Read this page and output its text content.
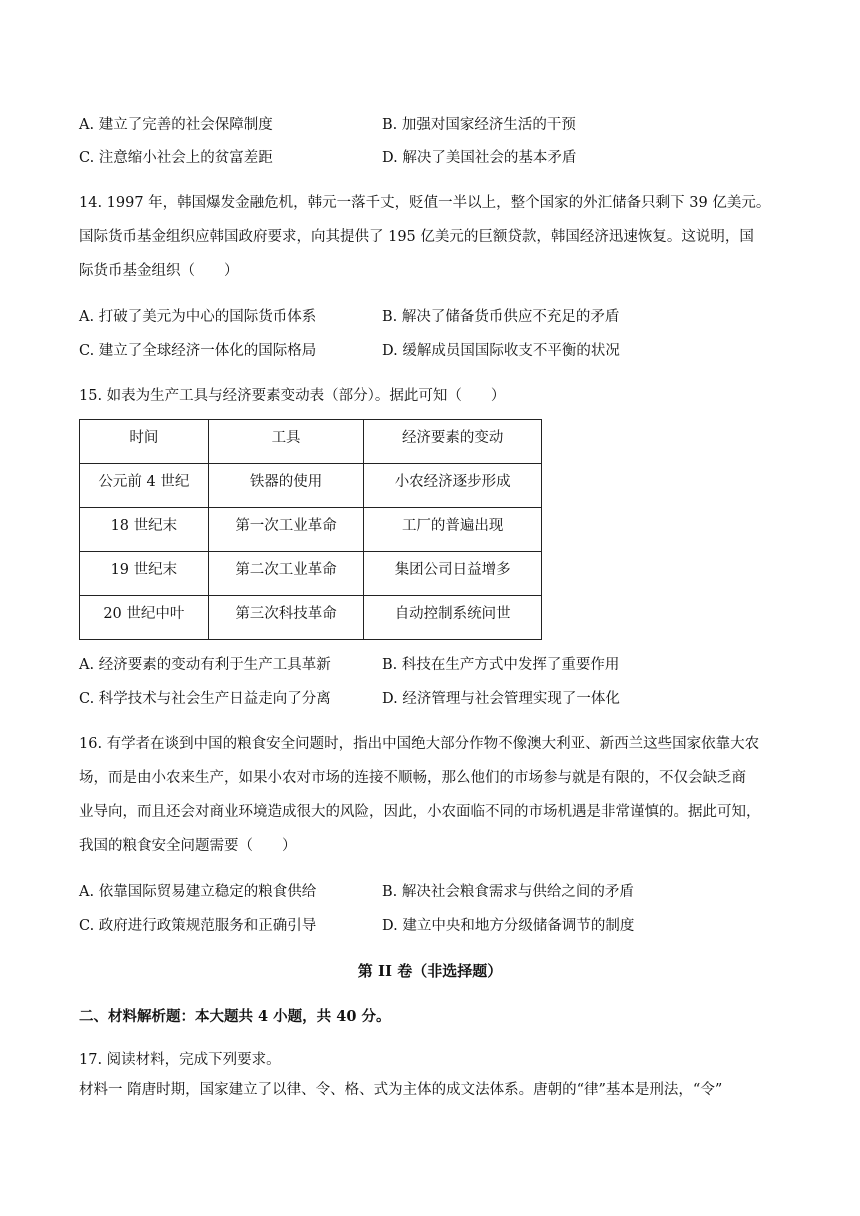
A. 建立了完善的社会保障制度	B. 加强对国家经济生活的干预
C. 注意缩小社会上的贫富差距	D. 解决了美国社会的基本矛盾
14. 1997 年，韩国爆发金融危机，韩元一落千丈，贬值一半以上，整个国家的外汇储备只剩下 39 亿美元。
国际货币基金组织应韩国政府要求，向其提供了 195 亿美元的巨额贷款，韩国经济迅速恢复。这说明，国
际货币基金组织（　　）
A. 打破了美元为中心的国际货币体系	B. 解决了储备货币供应不充足的矛盾
C. 建立了全球经济一体化的国际格局	D. 缓解成员国国际收支不平衡的状况
15. 如表为生产工具与经济要素变动表（部分）。据此可知（　　）
时间	工具	经济要素的变动
公元前 4 世纪	铁器的使用	小农经济逐步形成
18 世纪末	第一次工业革命	工厂的普遍出现
19 世纪末	第二次工业革命	集团公司日益增多
20 世纪中叶	第三次科技革命	自动控制系统问世
A. 经济要素的变动有利于生产工具革新	B. 科技在生产方式中发挥了重要作用
C. 科学技术与社会生产日益走向了分离	D. 经济管理与社会管理实现了一体化
16. 有学者在谈到中国的粮食安全问题时，指出中国绝大部分作物不像澳大利亚、新西兰这些国家依靠大农
场，而是由小农来生产，如果小农对市场的连接不顺畅，那么他们的市场参与就是有限的，不仅会缺乏商
业导向，而且还会对商业环境造成很大的风险，因此，小农面临不同的市场机遇是非常谨慎的。据此可知，
我国的粮食安全问题需要（　　）
A. 依靠国际贸易建立稳定的粮食供给	B. 解决社会粮食需求与供给之间的矛盾
C. 政府进行政策规范服务和正确引导	D. 建立中央和地方分级储备调节的制度
第 II 卷（非选择题）
二、材料解析题：本大题共 4 小题，共 40 分。
17. 阅读材料，完成下列要求。
材料一 隋唐时期，国家建立了以律、令、格、式为主体的成文法体系。唐朝的“律”基本是刑法，“令”
